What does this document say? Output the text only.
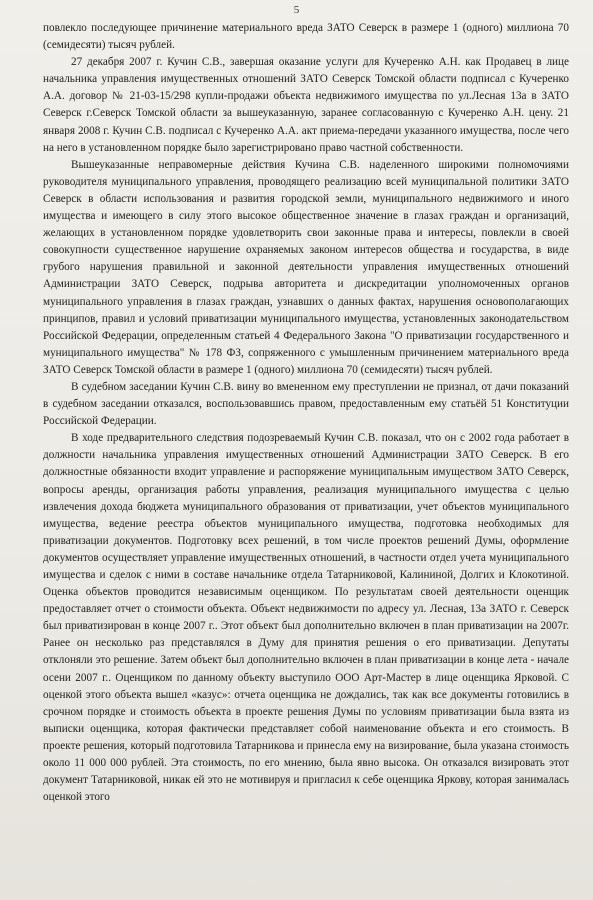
5

повлекло последующее причинение материального вреда ЗАТО Северск в размере 1 (одного) миллиона 70 (семидесяти) тысяч рублей.

27 декабря 2007 г. Кучин С.В., завершая оказание услуги для Кучеренко А.Н. как Продавец в лице начальника управления имущественных отношений ЗАТО Северск Томской области подписал с Кучеренко А.А. договор № 21-03-15/298 купли-продажи объекта недвижимого имущества по ул.Лесная 13а в ЗАТО Северск г.Северск Томской области за вышеуказанную, заранее согласованную с Кучеренко А.Н. цену. 21 января 2008 г. Кучин С.В. подписал с Кучеренко А.А. акт приема-передачи указанного имущества, после чего на него в установленном порядке было зарегистрировано право частной собственности.

Вышеуказанные неправомерные действия Кучина С.В. наделенного широкими полномочиями руководителя муниципального управления, проводящего реализацию всей муниципальной политики ЗАТО Северск в области использования и развития городской земли, муниципального недвижимого и иного имущества и имеющего в силу этого высокое общественное значение в глазах граждан и организаций, желающих в установленном порядке удовлетворить свои законные права и интересы, повлекли в своей совокупности существенное нарушение охраняемых законом интересов общества и государства, в виде грубого нарушения правильной и законной деятельности управления имущественных отношений Администрации ЗАТО Северск, подрыва авторитета и дискредитации уполномоченных органов муниципального управления в глазах граждан, узнавших о данных фактах, нарушения основополагающих принципов, правил и условий приватизации муниципального имущества, установленных законодательством Российской Федерации, определенным статьей 4 Федерального Закона "О приватизации государственного и муниципального имущества" № 178 ФЗ, сопряженного с умышленным причинением материального вреда ЗАТО Северск Томской области в размере 1 (одного) миллиона 70 (семидесяти) тысяч рублей.

В судебном заседании Кучин С.В. вину во вмененном ему преступлении не признал, от дачи показаний в судебном заседании отказался, воспользовавшись правом, предоставленным ему статьёй 51 Конституции Российской Федерации.

В ходе предварительного следствия подозреваемый Кучин С.В. показал, что он с 2002 года работает в должности начальника управления имущественных отношений Администрации ЗАТО Северск. В его должностные обязанности входит управление и распоряжение муниципальным имуществом ЗАТО Северск, вопросы аренды, организация работы управления, реализация муниципального имущества с целью извлечения дохода бюджета муниципального образования от приватизации, учет объектов муниципального имущества, ведение реестра объектов муниципального имущества, подготовка необходимых для приватизации документов. Подготовку всех решений, в том числе проектов решений Думы, оформление документов осуществляет управление имущественных отношений, в частности отдел учета муниципального имущества и сделок с ними в составе начальнике отдела Татарниковой, Калининой, Долгих и Клокотиной. Оценка объектов проводится независимым оценщиком. По результатам своей деятельности оценщик предоставляет отчет о стоимости объекта. Объект недвижимости по адресу ул. Лесная, 13а ЗАТО г. Северск был приватизирован в конце 2007 г.. Этот объект был дополнительно включен в план приватизации на 2007г. Ранее он несколько раз представлялся в Думу для принятия решения о его приватизации. Депутаты отклоняли это решение. Затем объект был дополнительно включен в план приватизации в конце лета - начале осени 2007 г.. Оценщиком по данному объекту выступило ООО Арт-Мастер в лице оценщика Ярковой. С оценкой этого объекта вышел «казус»: отчета оценщика не дождались, так как все документы готовились в срочном порядке и стоимость объекта в проекте решения Думы по условиям приватизации была взята из выписки оценщика, которая фактически представляет собой наименование объекта и его стоимость. В проекте решения, который подготовила Татарникова и принесла ему на визирование, была указана стоимость около 11 000 000 рублей. Эта стоимость, по его мнению, была явно высока. Он отказался визировать этот документ Татарниковой, никак ей это не мотивируя и пригласил к себе оценщика Яркову, которая занималась оценкой этого
